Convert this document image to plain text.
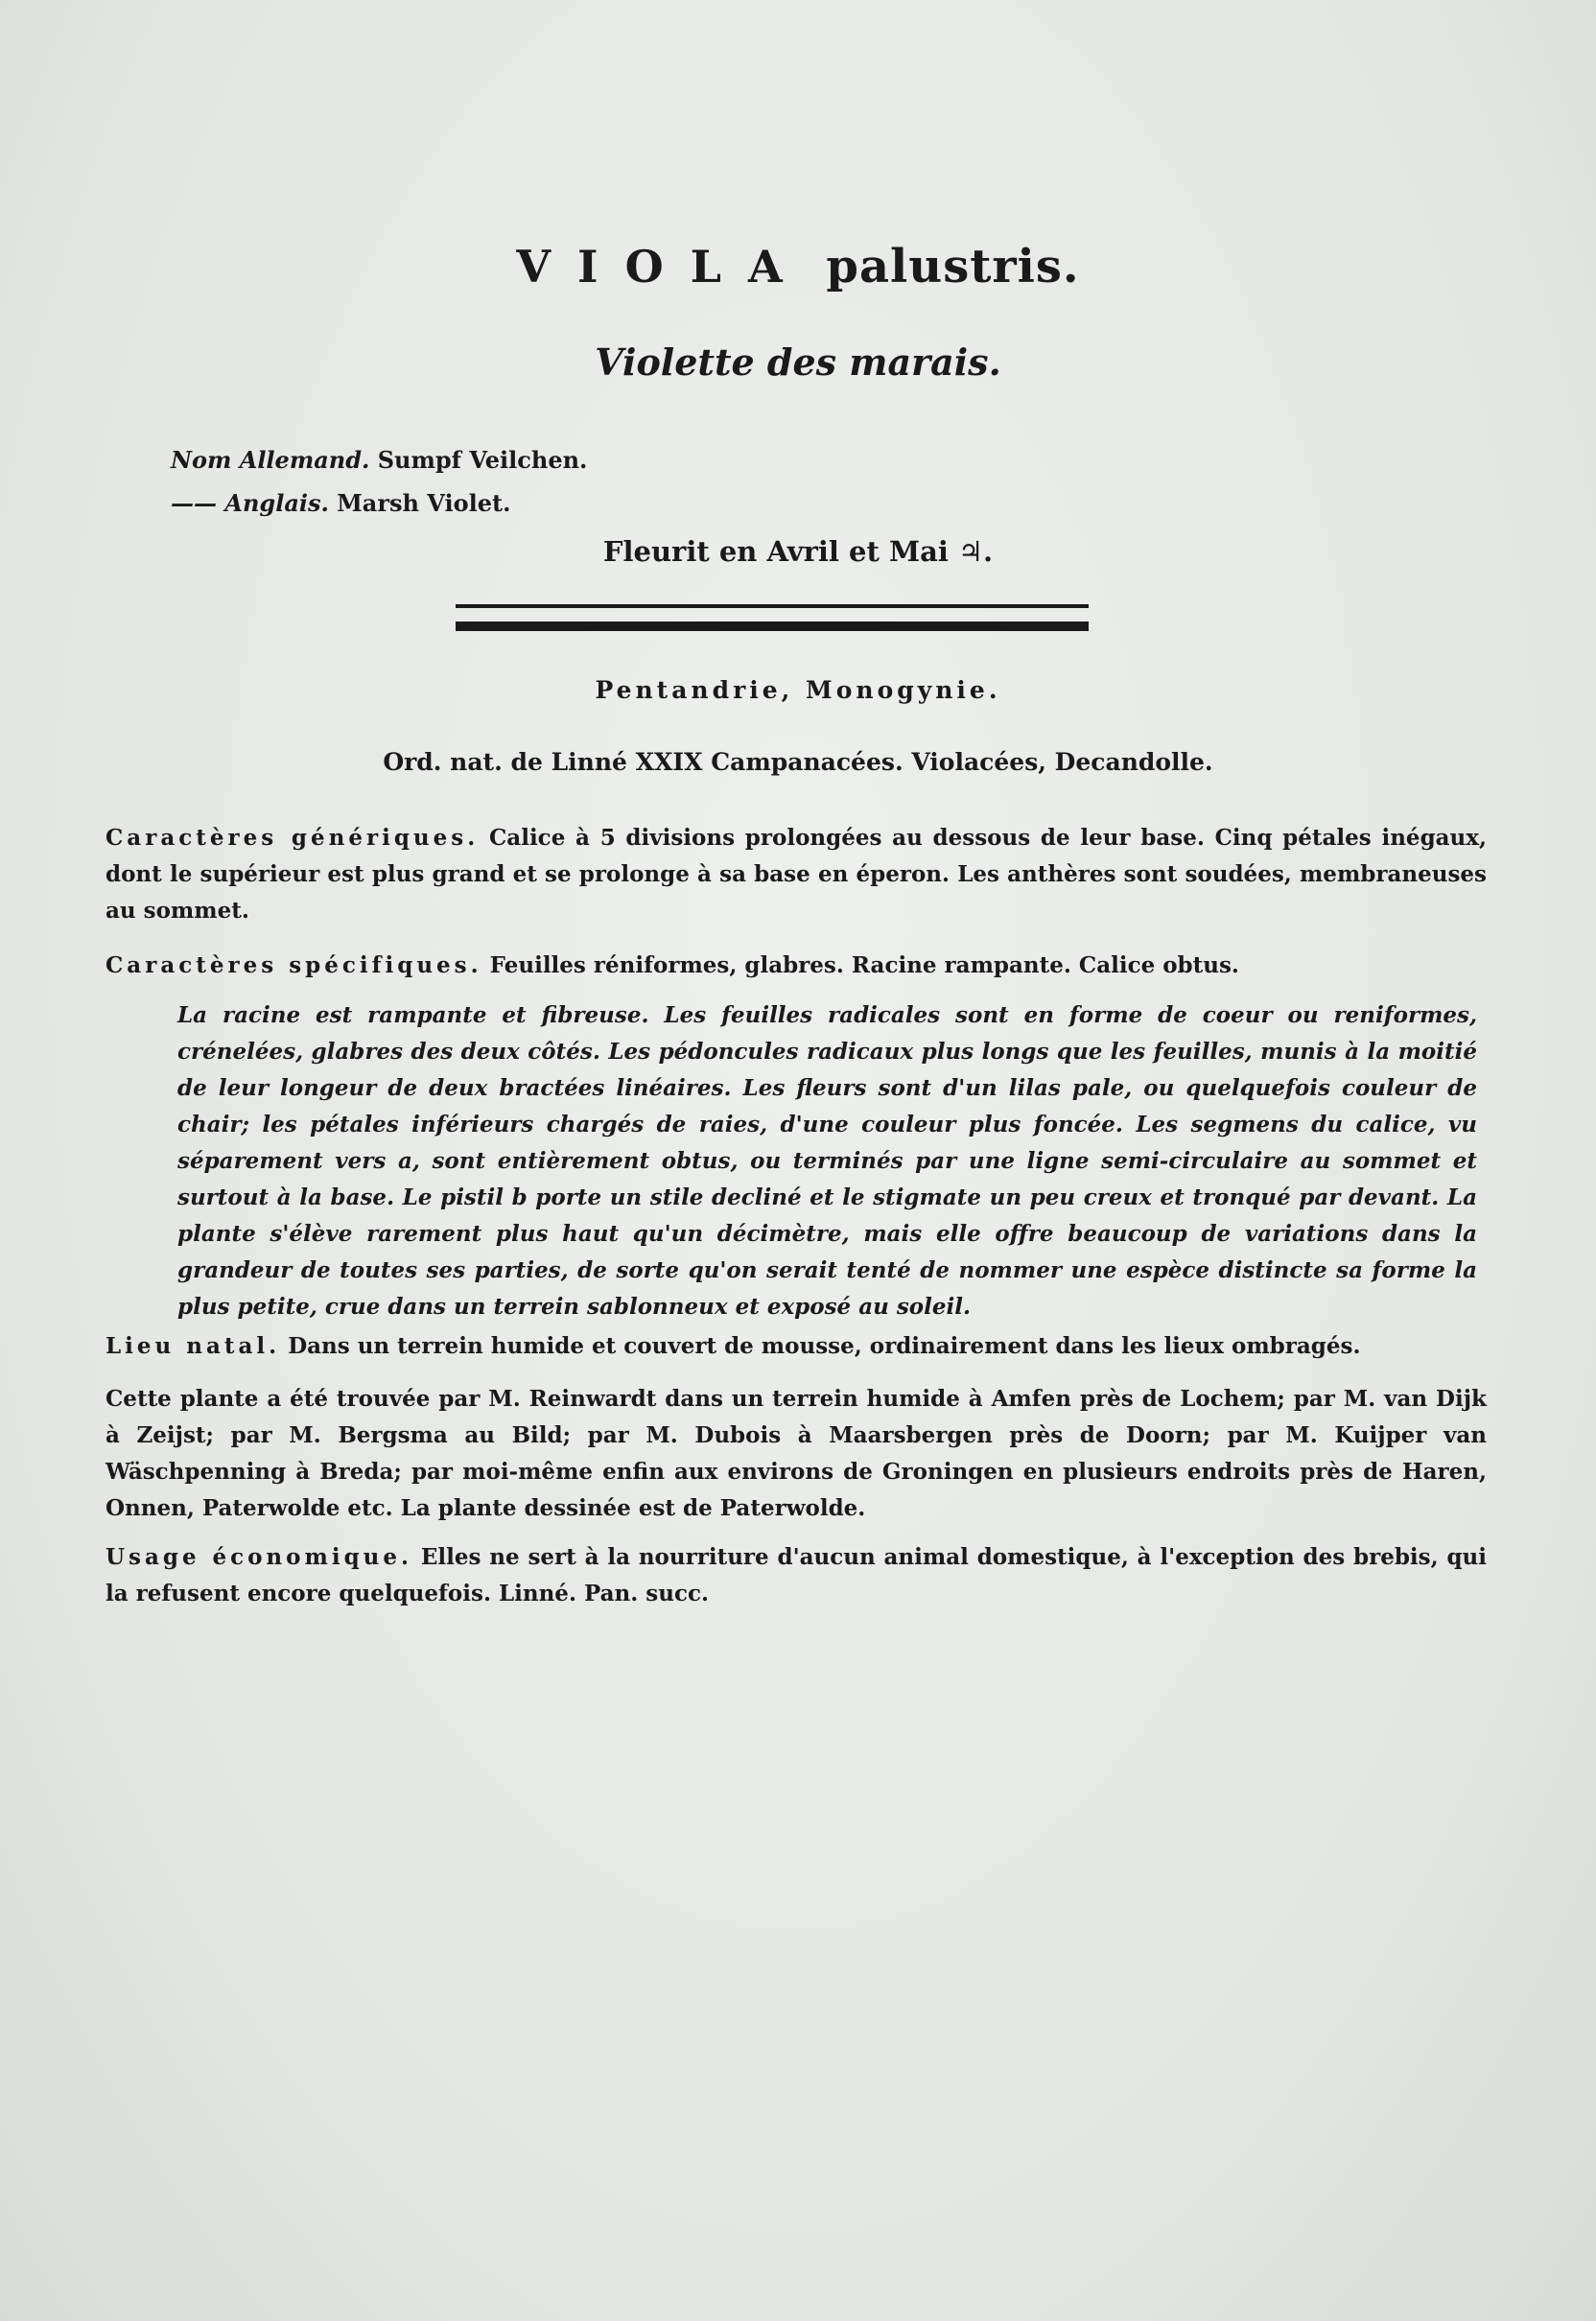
VIOLA palustris.
Violette des marais.
Nom Allemand. Sumpf Veilchen.
—— Anglais. Marsh Violet.
Fleurit en Avril et Mai ♃.
Pentandrie, Monogynie.
Ord. nat. de Linné XXIX Campanacées. Violacées, Decandolle.
Caractères génériques. Calice à 5 divisions prolongées au dessous de leur base. Cinq pétales inégaux, dont le supérieur est plus grand et se prolonge à sa base en éperon. Les anthères sont soudées, membraneuses au sommet.
Caractères spécifiques. Feuilles réniformes, glabres. Racine rampante. Calice obtus.
La racine est rampante et fibreuse. Les feuilles radicales sont en forme de coeur ou reniformes, crénelées, glabres des deux côtés. Les pédoncules radicaux plus longs que les feuilles, munis à la moitié de leur longeur de deux bractées linéaires. Les fleurs sont d'un lilas pale, ou quelquefois couleur de chair; les pétales inférieurs chargés de raies, d'une couleur plus foncée. Les segmens du calice, vu séparement vers a, sont entièrement obtus, ou terminés par une ligne semi-circulaire au sommet et surtout à la base. Le pistil b porte un stile decliné et le stigmate un peu creux et tronqué par devant. La plante s'élève rarement plus haut qu'un décimètre, mais elle offre beaucoup de variations dans la grandeur de toutes ses parties, de sorte qu'on serait tenté de nommer une espèce distincte sa forme la plus petite, crue dans un terrein sablonneux et exposé au soleil.
Lieu natal. Dans un terrein humide et couvert de mousse, ordinairement dans les lieux ombragés.
Cette plante a été trouvée par M. Reinwardt dans un terrein humide à Amfen près de Lochem; par M. van Dijk à Zeijst; par M. Bergsma au Bild; par M. Dubois à Maarsbergen près de Doorn; par M. Kuijper van Wäschpenning à Breda; par moi-même enfin aux environs de Groningen en plusieurs endroits près de Haren, Onnen, Paterwolde etc. La plante dessinée est de Paterwolde.
Usage économique. Elles ne sert à la nourriture d'aucun animal domestique, à l'exception des brebis, qui la refusent encore quelquefois. Linné. Pan. succ.
